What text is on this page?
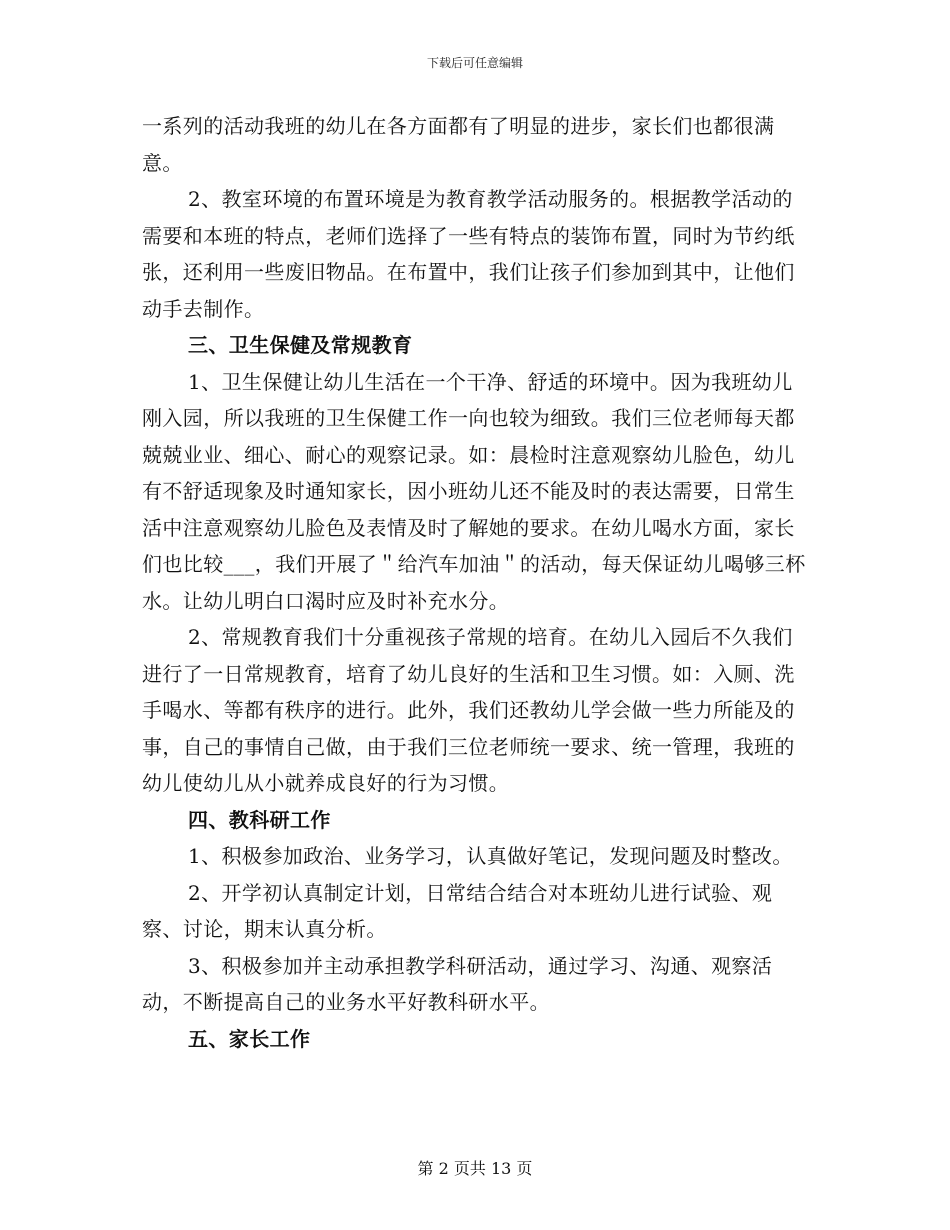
下载后可任意编辑

一系列的活动我班的幼儿在各方面都有了明显的进步，家长们也都很满意。

2、教室环境的布置环境是为教育教学活动服务的。根据教学活动的需要和本班的特点，老师们选择了一些有特点的装饰布置，同时为节约纸张，还利用一些废旧物品。在布置中，我们让孩子们参加到其中，让他们动手去制作。

三、卫生保健及常规教育

1、卫生保健让幼儿生活在一个干净、舒适的环境中。因为我班幼儿刚入园，所以我班的卫生保健工作一向也较为细致。我们三位老师每天都兢兢业业、细心、耐心的观察记录。如：晨检时注意观察幼儿脸色，幼儿有不舒适现象及时通知家长，因小班幼儿还不能及时的表达需要，日常生活中注意观察幼儿脸色及表情及时了解她的要求。在幼儿喝水方面，家长们也比较___，我们开展了＂给汽车加油＂的活动，每天保证幼儿喝够三杯水。让幼儿明白口渴时应及时补充水分。

2、常规教育我们十分重视孩子常规的培育。在幼儿入园后不久我们进行了一日常规教育，培育了幼儿良好的生活和卫生习惯。如：入厕、洗手喝水、等都有秩序的进行。此外，我们还教幼儿学会做一些力所能及的事，自己的事情自己做，由于我们三位老师统一要求、统一管理，我班的幼儿使幼儿从小就养成良好的行为习惯。

四、教科研工作

1、积极参加政治、业务学习，认真做好笔记，发现问题及时整改。

2、开学初认真制定计划，日常结合结合对本班幼儿进行试验、观察、讨论，期末认真分析。

3、积极参加并主动承担教学科研活动，通过学习、沟通、观察活动，不断提高自己的业务水平好教科研水平。

五、家长工作

第 2 页共 13 页
